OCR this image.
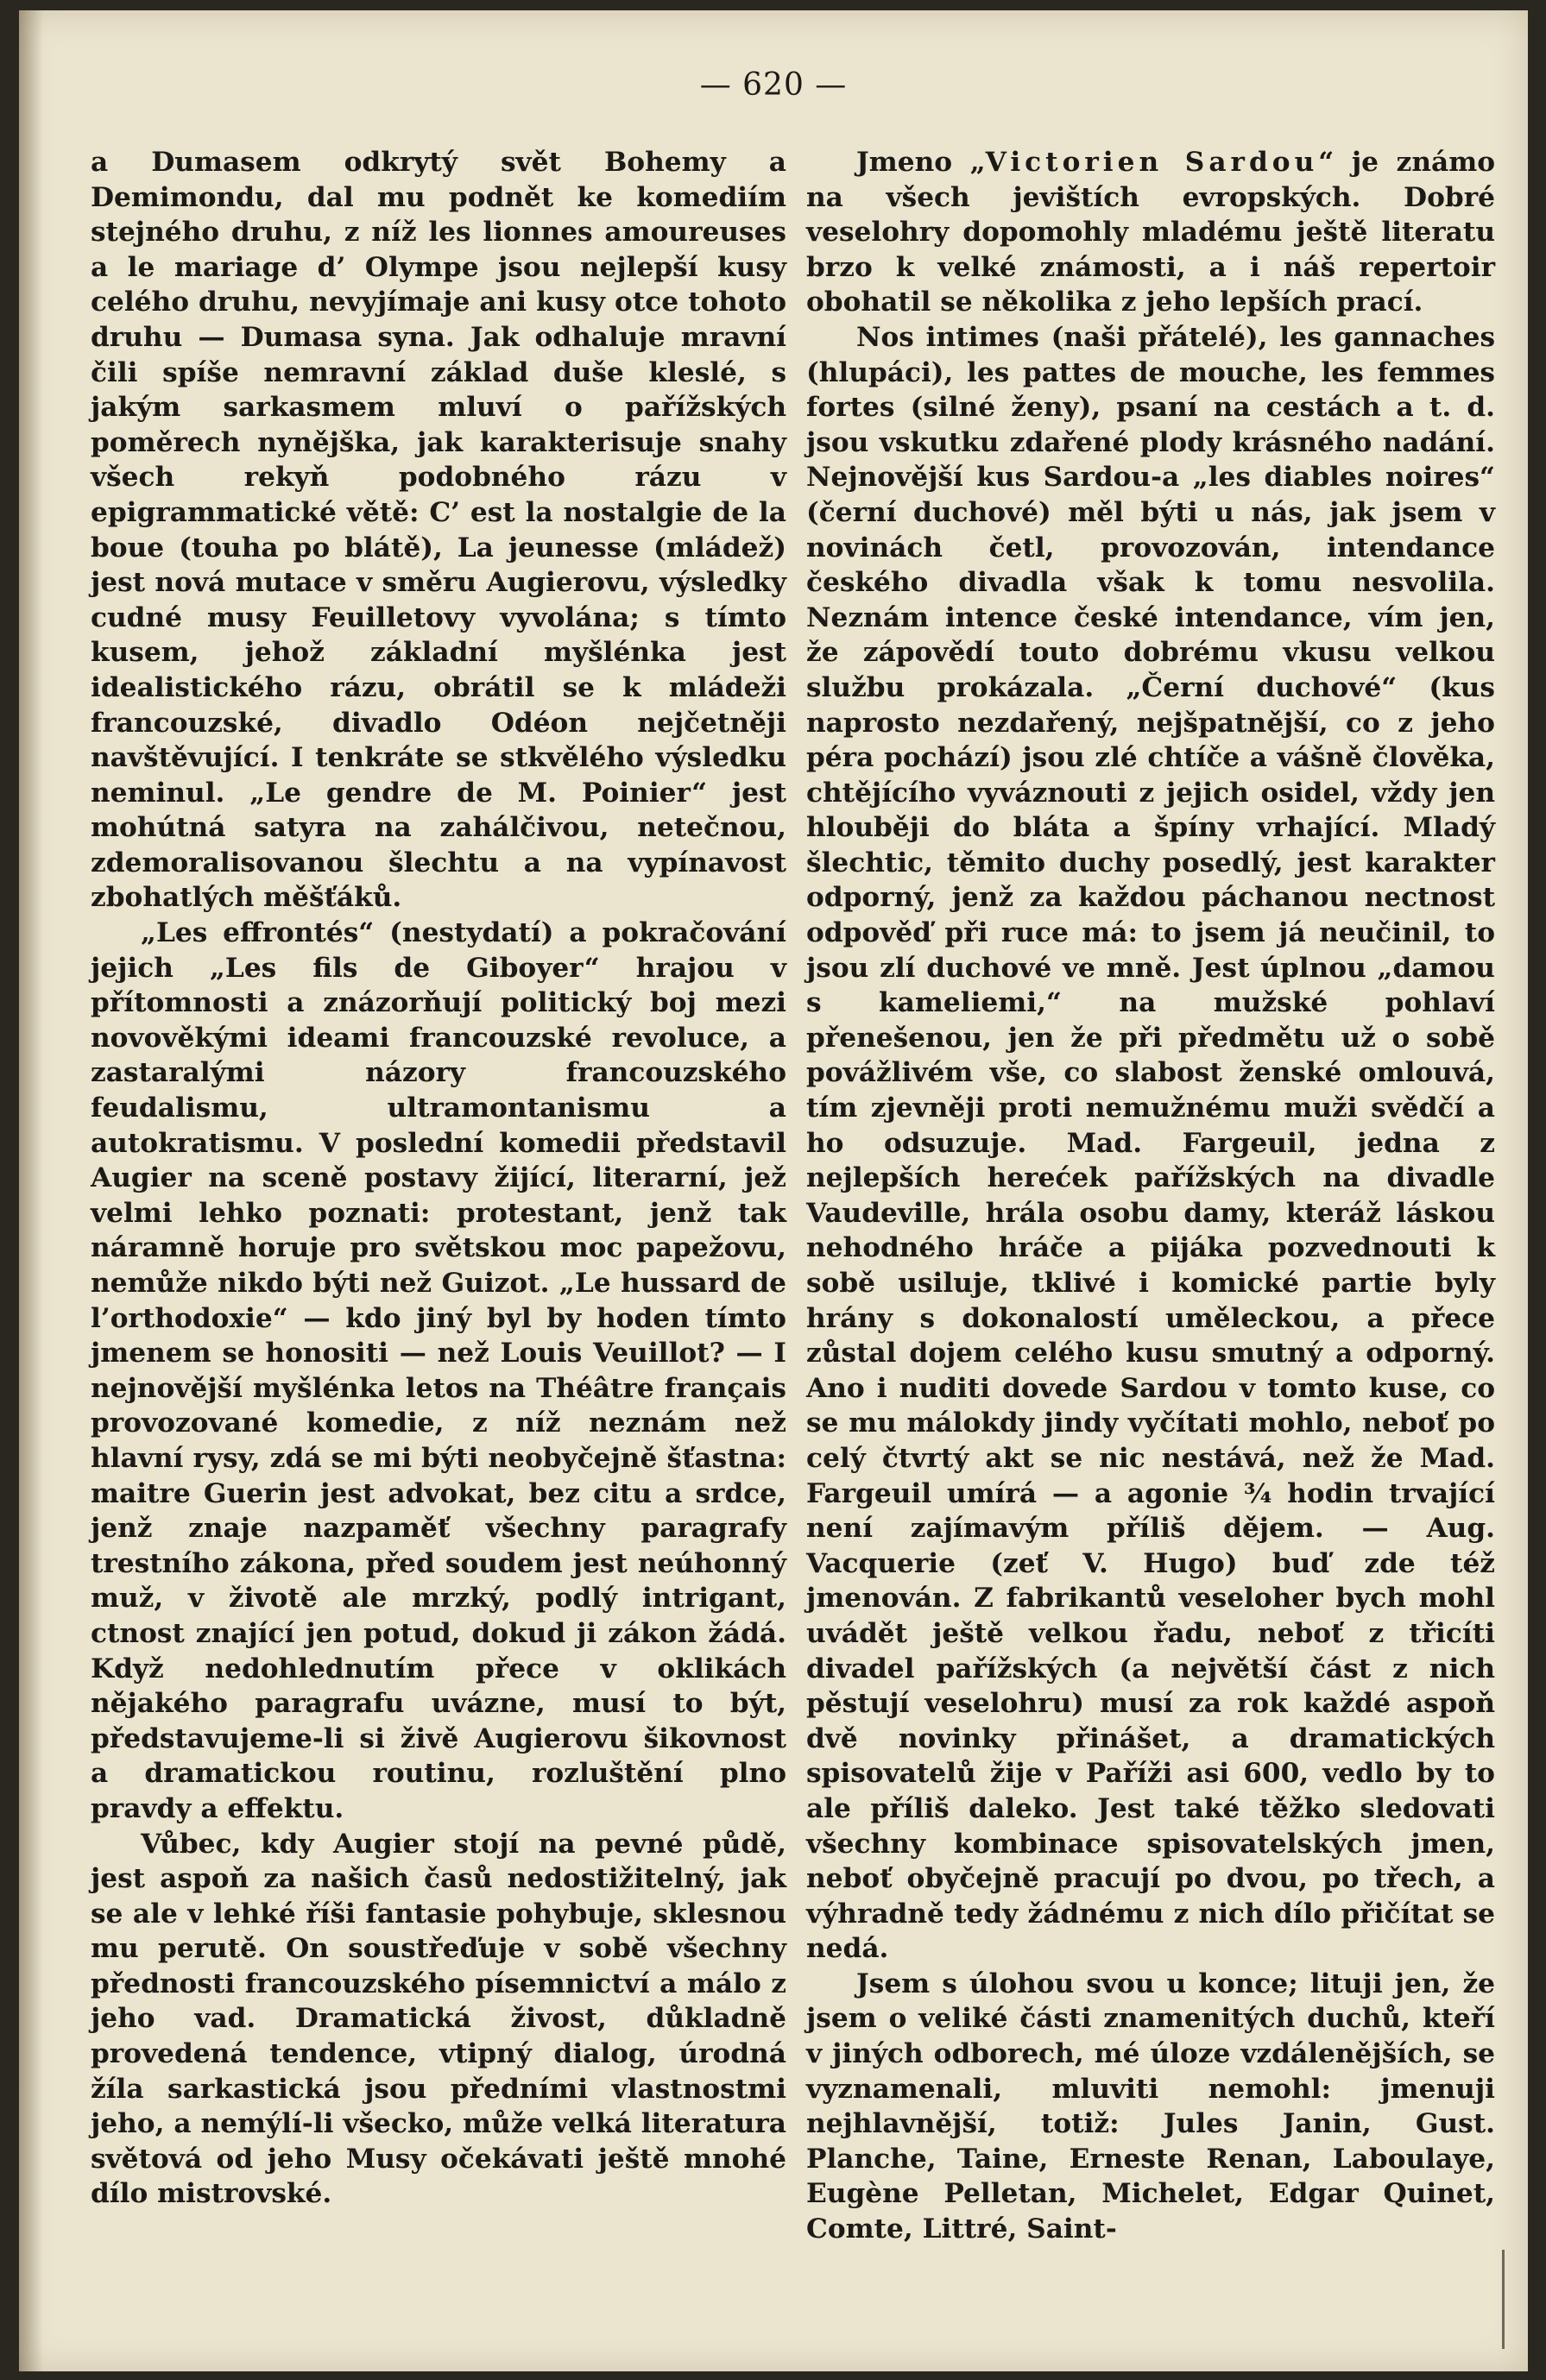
— 620 —

a Dumasem odkrytý svět Bohemy a Demimondu, dal mu podnět ke komediím stejného druhu, z níž les lionnes amoureuses a le mariage d’ Olympe jsou nejlepší kusy celého druhu, nevyjímaje ani kusy otce tohoto druhu — Dumasa syna. Jak odhaluje mravní čili spíše nemravní základ duše kleslé, s jakým sarkasmem mluví o pařížských poměrech nynějška, jak karakterisuje snahy všech rekyň podobného rázu v epigrammatické větě: C’ est la nostalgie de la boue (touha po blátě), La jeunesse (mládež) jest nová mutace v směru Augierovu, výsledky cudné musy Feuilletovy vyvolána; s tímto kusem, jehož základní myšlénka jest idealistického rázu, obrátil se k mládeži francouzské, divadlo Odéon nejčetněji navštěvující. I tenkráte se stkvělého výsledku neminul. „Le gendre de M. Poinier“ jest mohútná satyra na zahálčivou, netečnou, zdemoralisovanou šlechtu a na vypínavost zbohatlých měšťáků.

„Les effrontés“ (nestydatí) a pokračování jejich „Les fils de Giboyer“ hrajou v přítomnosti a znázorňují politický boj mezi novověkými ideami francouzské revoluce, a zastaralými názory francouzského feudalismu, ultramontanismu a autokratismu. V poslední komedii představil Augier na sceně postavy žijící, literarní, jež velmi lehko poznati: protestant, jenž tak náramně horuje pro světskou moc papežovu, nemůže nikdo býti než Guizot. „Le hussard de l’orthodoxie“ — kdo jiný byl by hoden tímto jmenem se honositi — než Louis Veuillot? — I nejnovější myšlénka letos na Théâtre français provozované komedie, z níž neznám než hlavní rysy, zdá se mi býti neobyčejně šťastna: maitre Guerin jest advokat, bez citu a srdce, jenž znaje nazpaměť všechny paragrafy trestního zákona, před soudem jest neúhonný muž, v životě ale mrzký, podlý intrigant, ctnost znající jen potud, dokud ji zákon žádá. Když nedohlednutím přece v oklikách nějakého paragrafu uvázne, musí to být, představujeme-li si živě Augierovu šikovnost a dramatickou routinu, rozluštění plno pravdy a effektu.

Vůbec, kdy Augier stojí na pevné půdě, jest aspoň za našich časů nedostižitelný, jak se ale v lehké říši fantasie pohybuje, sklesnou mu perutě. On soustřeďuje v sobě všechny přednosti francouzského písemnictví a málo z jeho vad. Dramatická živost, důkladně provedená tendence, vtipný dialog, úrodná žíla sarkastická jsou předními vlastnostmi jeho, a nemýlí-li všecko, může velká literatura světová od jeho Musy očekávati ještě mnohé dílo mistrovské.

Jmeno „Victorien Sardou“ je známo na všech jevištích evropských. Dobré veselohry dopomohly mladému ještě literatu brzo k velké známosti, a i náš repertoir obohatil se několika z jeho lepších prací.

Nos intimes (naši přátelé), les gannaches (hlupáci), les pattes de mouche, les femmes fortes (silné ženy), psaní na cestách a t. d. jsou vskutku zdařené plody krásného nadání. Nejnovější kus Sardou-a „les diables noires“ (černí duchové) měl býti u nás, jak jsem v novinách četl, provozován, intendance českého divadla však k tomu nesvolila. Neznám intence české intendance, vím jen, že zápovědí touto dobrému vkusu velkou službu prokázala. „Černí duchové“ (kus naprosto nezdařený, nejšpatnější, co z jeho péra pochází) jsou zlé chtíče a vášně člověka, chtějícího vyváznouti z jejich osidel, vždy jen hlouběji do bláta a špíny vrhající. Mladý šlechtic, těmito duchy posedlý, jest karakter odporný, jenž za každou páchanou nectnost odpověď při ruce má: to jsem já neučinil, to jsou zlí duchové ve mně. Jest úplnou „damou s kameliemi,“ na mužské pohlaví přenešenou, jen že při předmětu už o sobě povážlivém vše, co slabost ženské omlouvá, tím zjevněji proti nemužnému muži svědčí a ho odsuzuje. Mad. Fargeuil, jedna z nejlepších herećek pařížských na divadle Vaudeville, hrála osobu damy, kteráž láskou nehodného hráče a pijáka pozvednouti k sobě usiluje, tklivé i komické partie byly hrány s dokonalostí uměleckou, a přece zůstal dojem celého kusu smutný a odporný. Ano i nuditi dovede Sardou v tomto kuse, co se mu málokdy jindy vyčítati mohlo, neboť po celý čtvrtý akt se nic nestává, než že Mad. Fargeuil umírá — a agonie ¾ hodin trvající není zajímavým příliš dějem. — Aug. Vacquerie (zeť V. Hugo) buď zde též jmenován. Z fabrikantů veseloher bych mohl uvádět ještě velkou řadu, neboť z třicíti divadel pařížských (a největší část z nich pěstují veselohru) musí za rok každé aspoň dvě novinky přinášet, a dramatických spisovatelů žije v Paříži asi 600, vedlo by to ale příliš daleko. Jest také těžko sledovati všechny kombinace spisovatelských jmen, neboť obyčejně pracují po dvou, po třech, a výhradně tedy žádnému z nich dílo přičítat se nedá.

Jsem s úlohou svou u konce; lituji jen, že jsem o veliké části znamenitých duchů, kteří v jiných odborech, mé úloze vzdálenějších, se vyznamenali, mluviti nemohl: jmenuji nejhlavnější, totiž: Jules Janin, Gust. Planche, Taine, Erneste Renan, Laboulaye, Eugène Pelletan, Michelet, Edgar Quinet, Comte, Littré, Saint-
